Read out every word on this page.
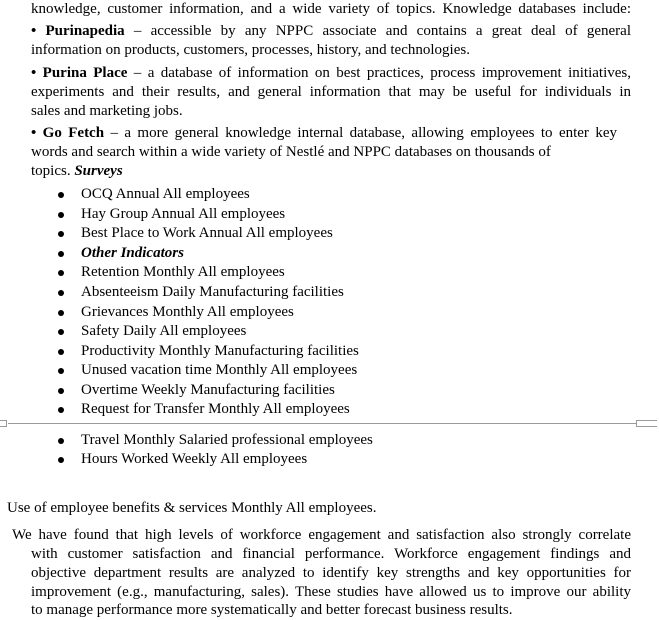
knowledge, customer information, and a wide variety of topics. Knowledge databases include:
• Purinapedia – accessible by any NPPC associate and contains a great deal of general
information on products, customers, processes, history, and technologies.
• Purina Place – a database of information on best practices, process improvement initiatives,
experiments and their results, and general information that may be useful for individuals in
sales and marketing jobs.
• Go Fetch – a more general knowledge internal database, allowing employees to enter key
words and search within a wide variety of Nestlé and NPPC databases on thousands of
topics. Surveys
OCQ Annual All employees
Hay Group Annual All employees
Best Place to Work Annual All employees
Other Indicators
Retention Monthly All employees
Absenteeism Daily Manufacturing facilities
Grievances Monthly All employees
Safety Daily All employees
Productivity Monthly Manufacturing facilities
Unused vacation time Monthly All employees
Overtime Weekly Manufacturing facilities
Request for Transfer Monthly All employees
Travel Monthly Salaried professional employees
Hours Worked Weekly All employees
Use of employee benefits & services Monthly All employees.
We have found that high levels of workforce engagement and satisfaction also strongly correlate
with customer satisfaction and financial performance. Workforce engagement findings and
objective department results are analyzed to identify key strengths and key opportunities for
improvement (e.g., manufacturing, sales). These studies have allowed us to improve our ability
to manage performance more systematically and better forecast business results.
